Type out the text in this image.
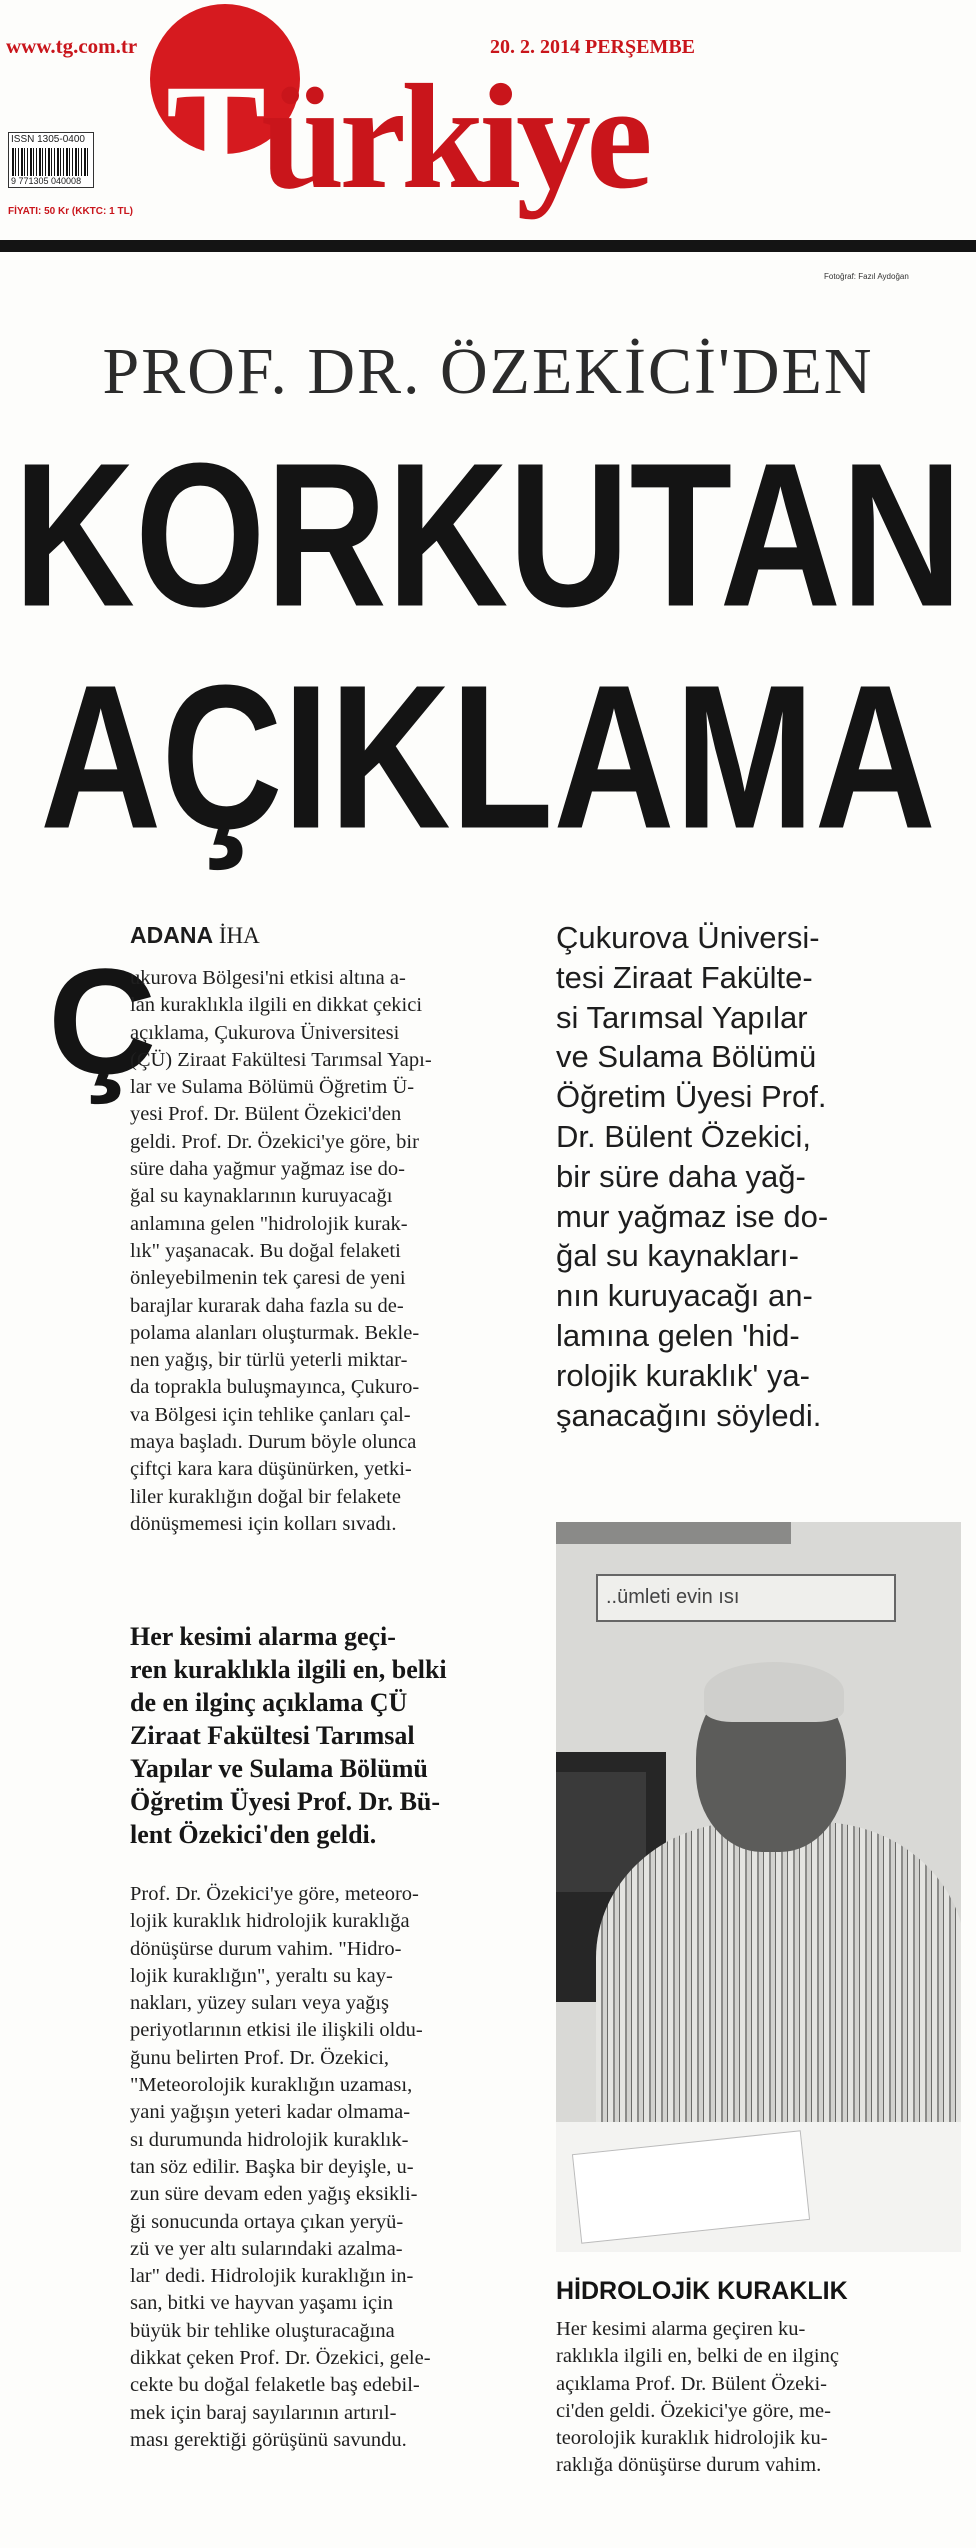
www.tg.com.tr
Türkiye
20. 2. 2014 PERŞEMBE
ISSN 1305-0400
9 771305 040008
FİYATI: 50 Kr (KKTC: 1 TL)
Fotoğraf: Fazıl Aydoğan
PROF. DR. ÖZEKİCİ'DEN
KORKUTAN
AÇIKLAMA
ADANA İHA
Ç

ukurova Bölgesi'ni etkisi altına a-

lan kuraklıkla ilgili en dikkat çekici

açıklama, Çukurova Üniversitesi

(ÇÜ) Ziraat Fakültesi Tarımsal Yapı-

lar ve Sulama Bölümü Öğretim Ü-

yesi Prof. Dr. Bülent Özekici'den

geldi. Prof. Dr. Özekici'ye göre, bir

süre daha yağmur yağmaz ise do-

ğal su kaynaklarının kuruyacağı

anlamına gelen "hidrolojik kurak-

lık" yaşanacak. Bu doğal felaketi

önleyebilmenin tek çaresi de yeni

barajlar kurarak daha fazla su de-

polama alanları oluşturmak. Bekle-

nen yağış, bir türlü yeterli miktar-

da toprakla buluşmayınca, Çukuro-

va Bölgesi için tehlike çanları çal-

maya başladı. Durum böyle olunca

çiftçi kara kara düşünürken, yetki-

liler kuraklığın doğal bir felakete

dönüşmemesi için kolları sıvadı.

Her kesimi alarma geçi-

ren kuraklıkla ilgili en, belki

de en ilginç açıklama ÇÜ

Ziraat Fakültesi Tarımsal

Yapılar ve Sulama Bölümü

Öğretim Üyesi Prof. Dr. Bü-

lent Özekici'den geldi.

Prof. Dr. Özekici'ye göre, meteoro-

lojik kuraklık hidrolojik kuraklığa

dönüşürse durum vahim. "Hidro-

lojik kuraklığın", yeraltı su kay-

nakları, yüzey suları veya yağış

periyotlarının etkisi ile ilişkili oldu-

ğunu belirten Prof. Dr. Özekici,

"Meteorolojik kuraklığın uzaması,

yani yağışın yeteri kadar olmama-

sı durumunda hidrolojik kuraklık-

tan söz edilir. Başka bir deyişle, u-

zun süre devam eden yağış eksikli-

ği sonucunda ortaya çıkan yeryü-

zü ve yer altı sularındaki azalma-

lar" dedi. Hidrolojik kuraklığın in-

san, bitki ve hayvan yaşamı için

büyük bir tehlike oluşturacağına

dikkat çeken Prof. Dr. Özekici, gele-

cekte bu doğal felaketle baş edebil-

mek için baraj sayılarının artırıl-

ması gerektiği görüşünü savundu.

Çukurova Üniversi-

tesi Ziraat Fakülte-

si Tarımsal Yapılar

ve Sulama Bölümü

Öğretim Üyesi Prof.

Dr. Bülent Özekici,

bir süre daha yağ-

mur yağmaz ise do-

ğal su kaynakları-

nın kuruyacağı an-

lamına gelen 'hid-

rolojik kuraklık' ya-

şanacağını söyledi.

..ümleti evin ısı
HİDROLOJİK KURAKLIK

Her kesimi alarma geçiren ku-

raklıkla ilgili en, belki de en ilginç

açıklama Prof. Dr. Bülent Özeki-

ci'den geldi. Özekici'ye göre, me-

teorolojik kuraklık hidrolojik ku-

raklığa dönüşürse durum vahim.
